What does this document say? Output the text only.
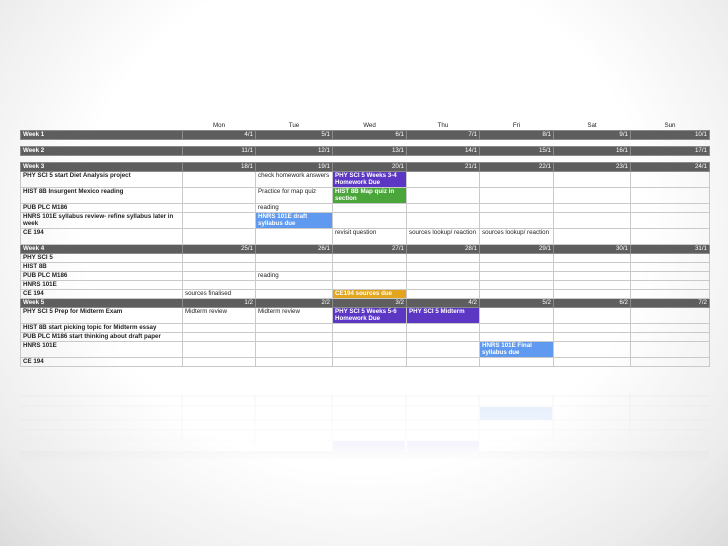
	Mon	Tue	Wed	Thu	Fri	Sat	Sun
Week 1	4/1	5/1	6/1	7/1	8/1	9/1	10/1

Week 2	11/1	12/1	13/1	14/1	15/1	16/1	17/1

Week 3	18/1	19/1	20/1	21/1	22/1	23/1	24/1
PHY SCI 5 start Diet Analysis project		check homework answers	PHY SCI 5 Weeks 3-4 Homework Due				
HIST 8B Insurgent Mexico reading		Practice for map quiz	HIST 8B Map quiz in section				
PUB PLC M186		reading					
HNRS 101E syllabus review- refine syllabus later in week		HNRS 101E draft syllabus due					
CE 194			revisit question	sources lookup/ reaction	sources lookup/ reaction		
Week 4	25/1	26/1	27/1	28/1	29/1	30/1	31/1
PHY SCI 5							
HIST 8B							
PUB PLC M186		reading					
HNRS 101E							
CE 194	sources finalised		CE194 sources due				
Week 5	1/2	2/2	3/2	4/2	5/2	6/2	7/2
PHY SCI 5 Prep for Midterm Exam	Midterm review	Midterm review	PHY SCI 5 Weeks 5-6 Homework Due	PHY SCI 5 Midterm			
HIST 8B start picking topic for Midterm essay							
PUB PLC M186 start thinking about draft paper							
HNRS 101E					HNRS 101E Final syllabus due		
CE 194							
